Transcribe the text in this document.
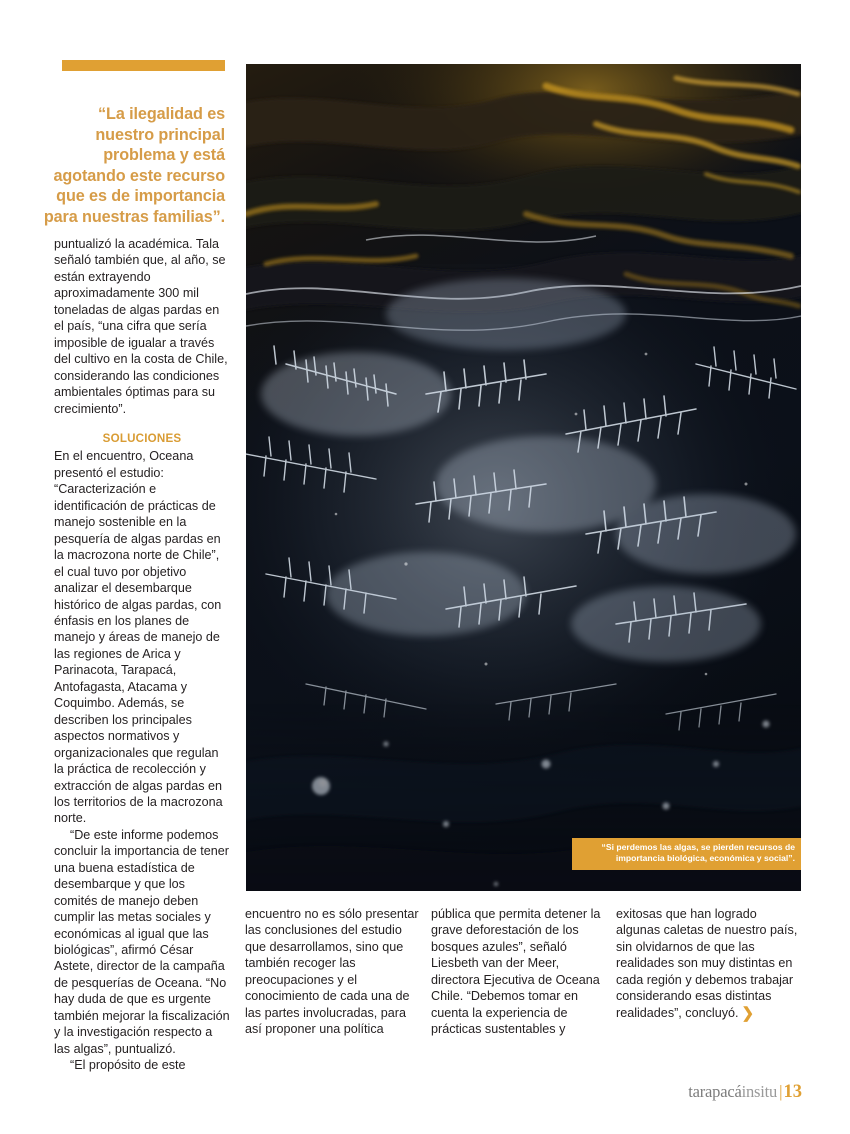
“La ilegalidad es nuestro principal problema y está agotando este recurso que es de importancia para nuestras familias”.

puntualizó la académica. Tala señaló también que, al año, se están extrayendo aproximadamente 300 mil toneladas de algas pardas en el país, “una cifra que sería imposible de igualar a través del cultivo en la costa de Chile, considerando las condiciones ambientales óptimas para su crecimiento”.

SOLUCIONES

En el encuentro, Oceana presentó el estudio: “Caracterización e identificación de prácticas de manejo sostenible en la pesquería de algas pardas en la macrozona norte de Chile”, el cual tuvo por objetivo analizar el desembarque histórico de algas pardas, con énfasis en los planes de manejo y áreas de manejo de las regiones de Arica y Parinacota, Tarapacá, Antofagasta, Atacama y Coquimbo. Además, se describen los principales aspectos normativos y organizacionales que regulan la práctica de recolección y extracción de algas pardas en los territorios de la macrozona norte.

“De este informe podemos concluir la importancia de tener una buena estadística de desembarque y que los comités de manejo deben cumplir las metas sociales y económicas al igual que las biológicas”, afirmó César Astete, director de la campaña de pesquerías de Oceana. “No hay duda de que es urgente también mejorar la fiscalización y la investigación respecto a las algas”, puntualizó.

“El propósito de este

“Si perdemos las algas, se pierden recursos de importancia biológica, económica y social”.

encuentro no es sólo presentar las conclusiones del estudio que desarrollamos, sino que también recoger las preocupaciones y el conocimiento de cada una de las partes involucradas, para así proponer una política

pública que permita detener la grave deforestación de los bosques azules”, señaló Liesbeth van der Meer, directora Ejecutiva de Oceana Chile. “Debemos tomar en cuenta la experiencia de prácticas sustentables y

exitosas que han logrado algunas caletas de nuestro país, sin olvidarnos de que las realidades son muy distintas en cada región y debemos trabajar considerando esas distintas realidades”, concluyó. ❯

tarapacáinsitu |13
